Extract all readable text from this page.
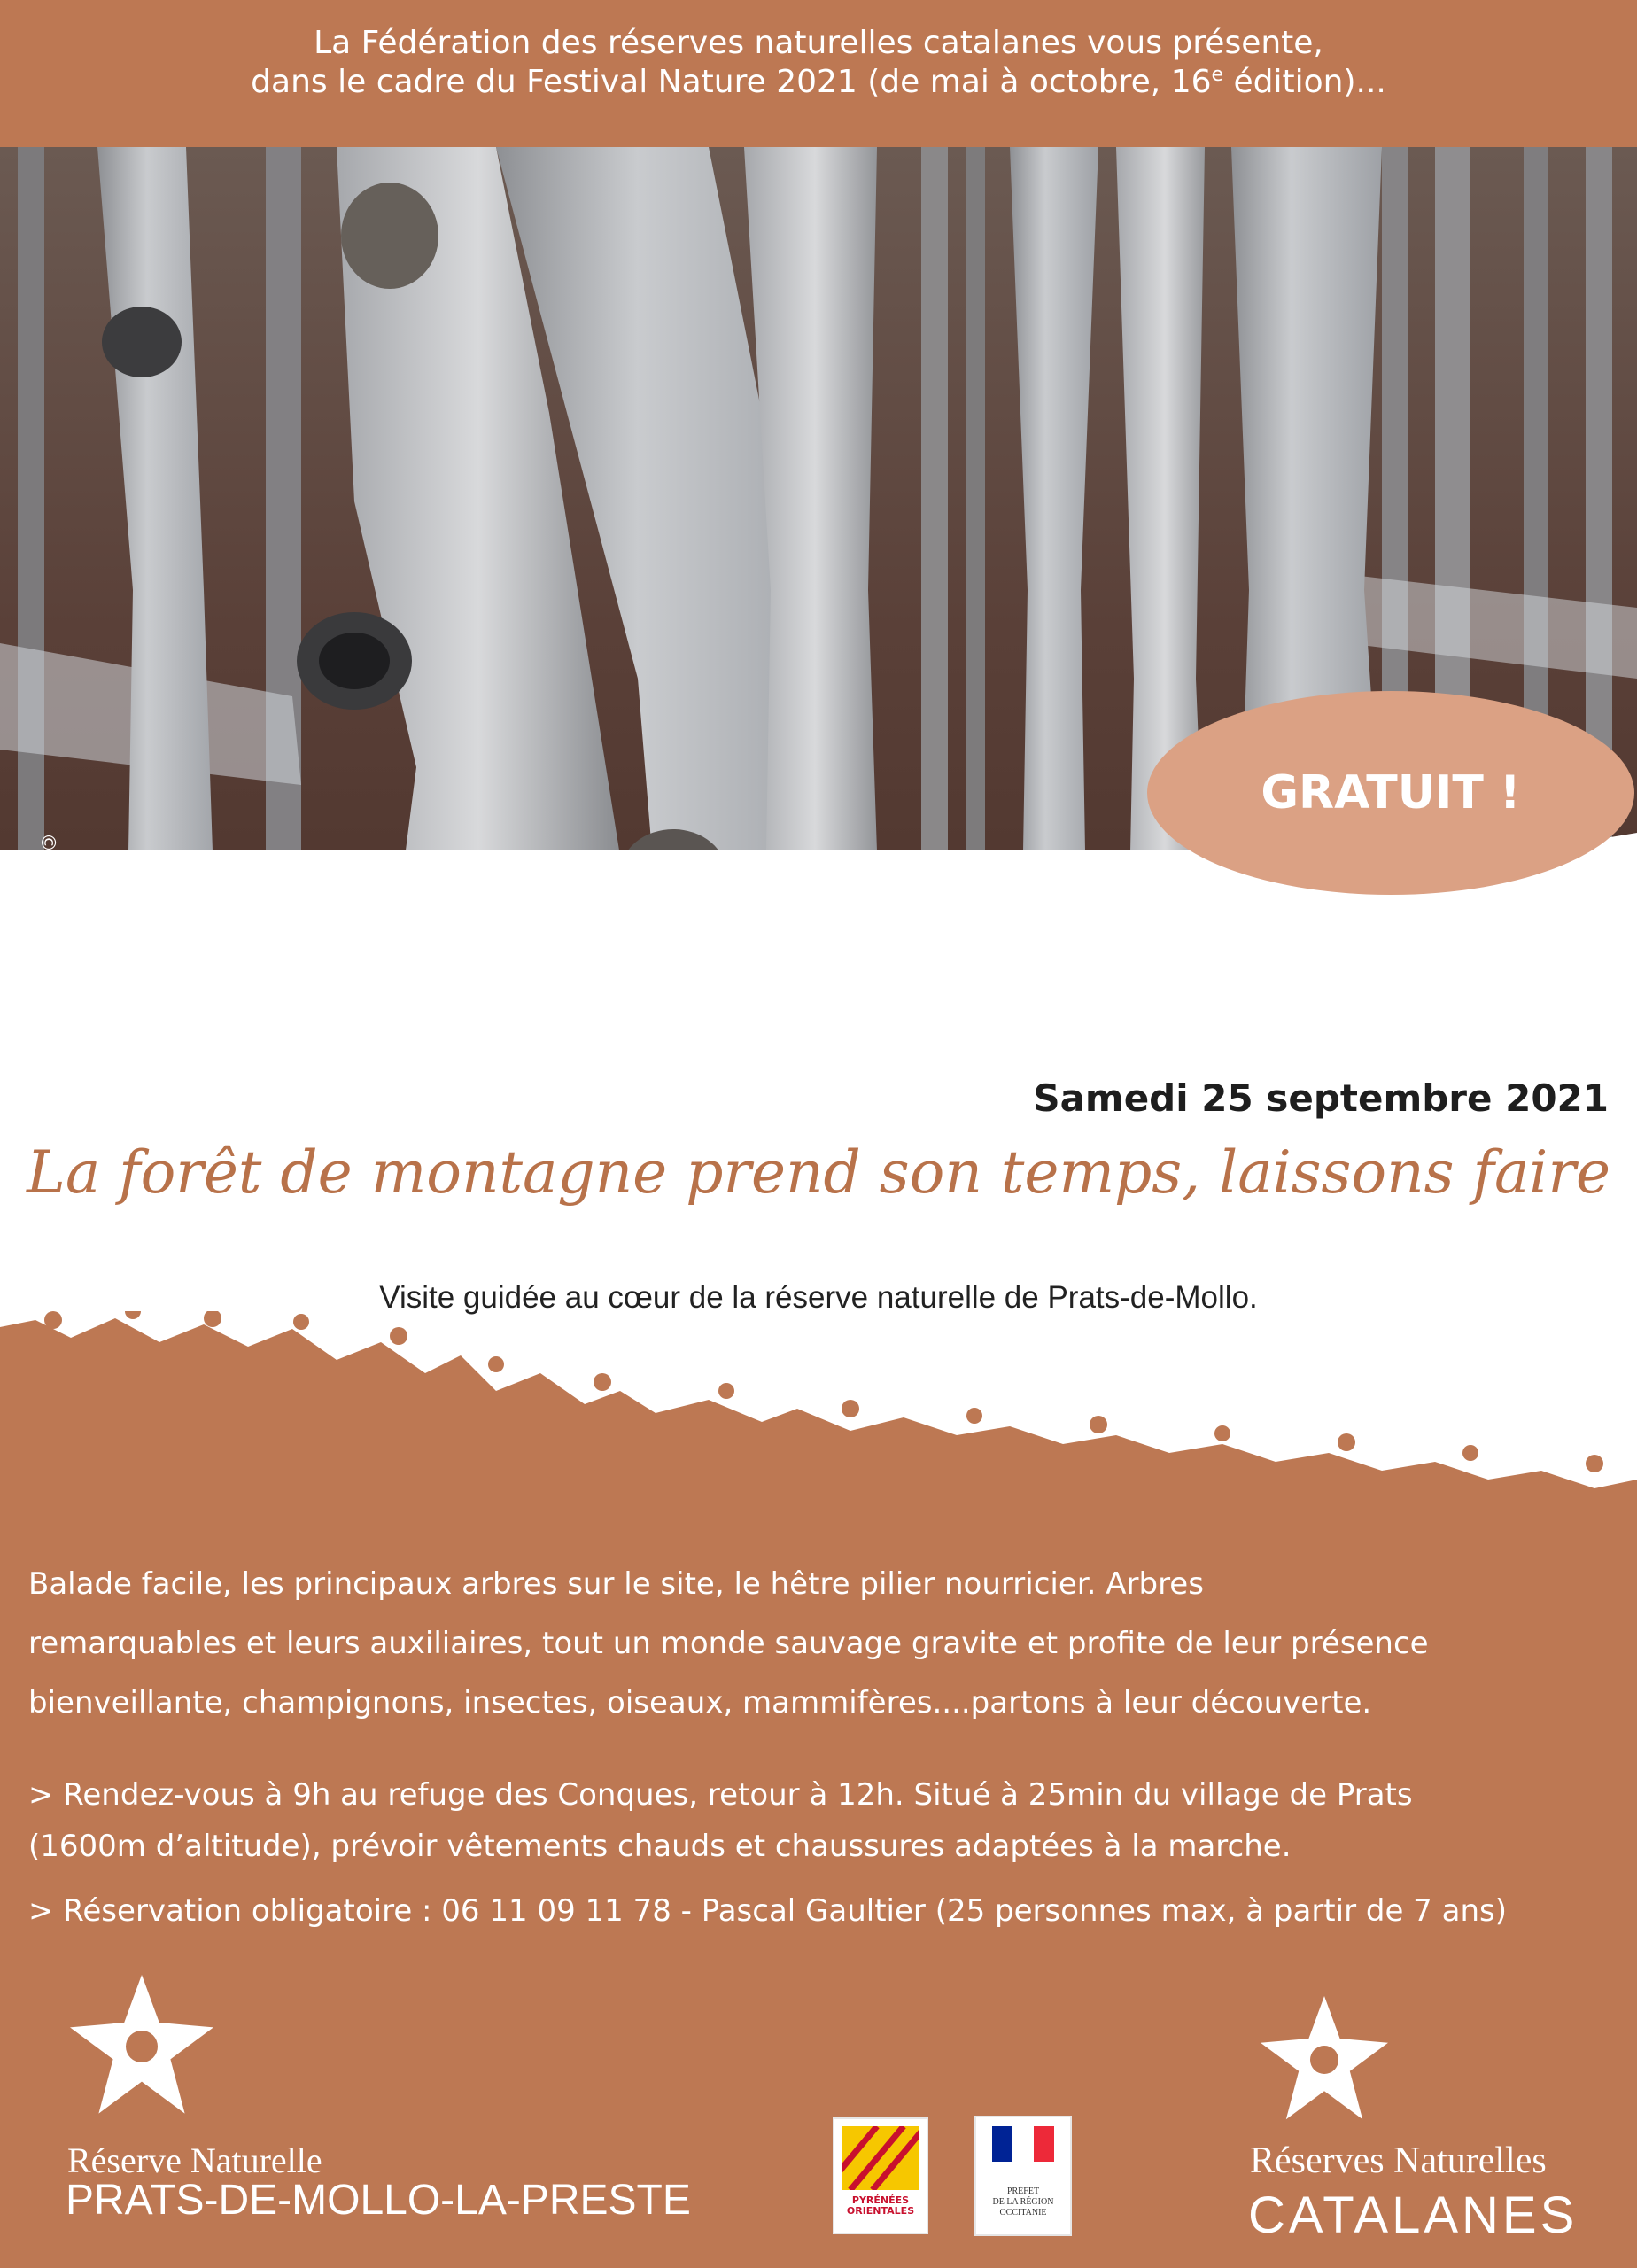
La Fédération des réserves naturelles catalanes vous présente,
dans le cadre du Festival Nature 2021 (de mai à octobre, 16e édition)...
© RNN Prats-de-Mollo
GRATUIT !
Samedi 25 septembre 2021
La forêt de montagne prend son temps, laissons faire
Visite guidée au cœur de la réserve naturelle de Prats-de-Mollo.
Balade facile, les principaux arbres sur le site, le hêtre pilier nourricier. Arbres
remarquables et leurs auxiliaires, tout un monde sauvage gravite et profite de leur présence
bienveillante, champignons, insectes, oiseaux, mammifères....partons à leur découverte.
> Rendez-vous à 9h au refuge des Conques, retour à 12h. Situé à 25min du village de Prats
(1600m d’altitude), prévoir vêtements chauds et chaussures adaptées à la marche.
> Réservation obligatoire : 06 11 09 11 78 - Pascal Gaultier (25 personnes max, à partir de 7 ans)
Réserve Naturelle
PRATS-DE-MOLLO-LA-PRESTE	PYRÉNÉES
ORIENTALES
PRÉFET
DE LA RÉGION
OCCITANIE
Réserves Naturelles
CATALANES
